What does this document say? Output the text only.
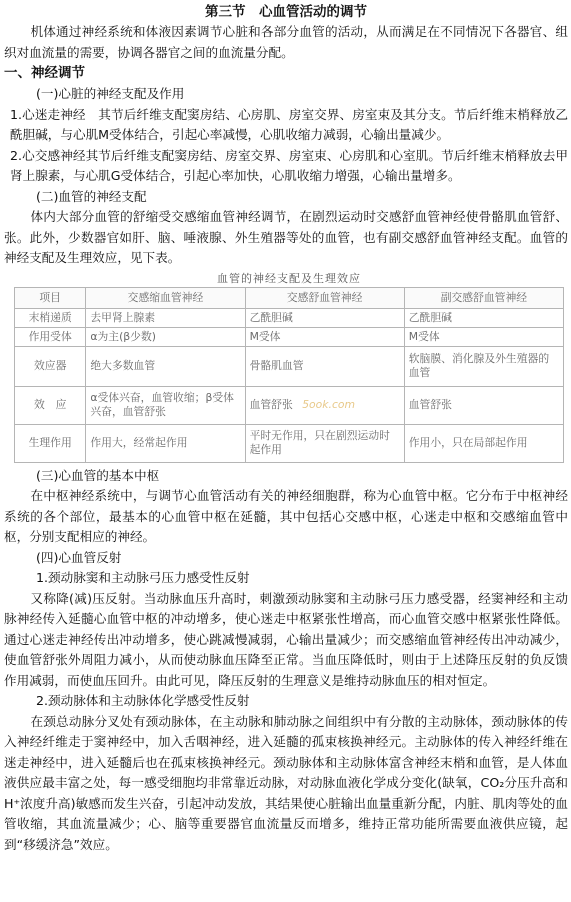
第三节　心血管活动的调节

机体通过神经系统和体液因素调节心脏和各部分血管的活动，从而满足在不同情况下各器官、组织对血流量的需要，协调各器官之间的血流量分配。

一、神经调节

(一)心脏的神经支配及作用

1.心迷走神经　其节后纤维支配窦房结、心房肌、房室交界、房室束及其分支。节后纤维末梢释放乙酰胆碱，与心肌M受体结合，引起心率减慢，心肌收缩力减弱，心输出量减少。

2.心交感神经其节后纤维支配窦房结、房室交界、房室束、心房肌和心室肌。节后纤维末梢释放去甲肾上腺素，与心肌G受体结合，引起心率加快，心肌收缩力增强，心输出量增多。

(二)血管的神经支配

体内大部分血管的舒缩受交感缩血管神经调节，在剧烈运动时交感舒血管神经使骨骼肌血管舒、张。此外，少数器官如肝、脑、唾液腺、外生殖器等处的血管，也有副交感舒血管神经支配。血管的神经支配及生理效应，见下表。

血管的神经支配及生理效应
项目	交感缩血管神经	交感舒血管神经	副交感舒血管神经
末梢递质	去甲肾上腺素	乙酰胆碱	乙酰胆碱
作用受体	α为主(β少数)	M受体	M受体
效应器	绝大多数血管	骨骼肌血管	软脑膜、消化腺及外生殖器的血管
效　应	α受体兴奋，血管收缩；β受体兴奋，血管舒张	血管舒张 5ook.com	血管舒张
生理作用	作用大，经常起作用	平时无作用，只在剧烈运动时起作用	作用小，只在局部起作用

(三)心血管的基本中枢

在中枢神经系统中，与调节心血管活动有关的神经细胞群，称为心血管中枢。它分布于中枢神经系统的各个部位，最基本的心血管中枢在延髓，其中包括心交感中枢，心迷走中枢和交感缩血管中枢，分别支配相应的神经。

(四)心血管反射

1.颈动脉窦和主动脉弓压力感受性反射

又称降(减)压反射。当动脉血压升高时，刺激颈动脉窦和主动脉弓压力感受器，经窦神经和主动脉神经传入延髓心血管中枢的冲动增多，使心迷走中枢紧张性增高，而心血管交感中枢紧张性降低。通过心迷走神经传出冲动增多，使心跳减慢减弱，心输出量减少；而交感缩血管神经传出冲动减少，使血管舒张外周阻力减小，从而使动脉血压降至正常。当血压降低时，则由于上述降压反射的负反馈作用减弱，而使血压回升。由此可见，降压反射的生理意义是维持动脉血压的相对恒定。

2.颈动脉体和主动脉体化学感受性反射

在颈总动脉分叉处有颈动脉体，在主动脉和肺动脉之间组织中有分散的主动脉体，颈动脉体的传入神经纤维走于窦神经中，加入舌咽神经，进入延髓的孤束核换神经元。主动脉体的传入神经纤维在迷走神经中，进入延髓后也在孤束核换神经元。颈动脉体和主动脉体富含神经末梢和血管，是人体血液供应最丰富之处，每一感受细胞均非常靠近动脉，对动脉血液化学成分变化(缺氧，CO₂分压升高和H⁺浓度升高)敏感而发生兴奋，引起冲动发放，其结果使心脏输出血量重新分配，内脏、肌肉等处的血管收缩，其血流量减少；心、脑等重要器官血流量反而增多，维持正常功能所需要血液供应镜，起到“移缓济急”效应。
